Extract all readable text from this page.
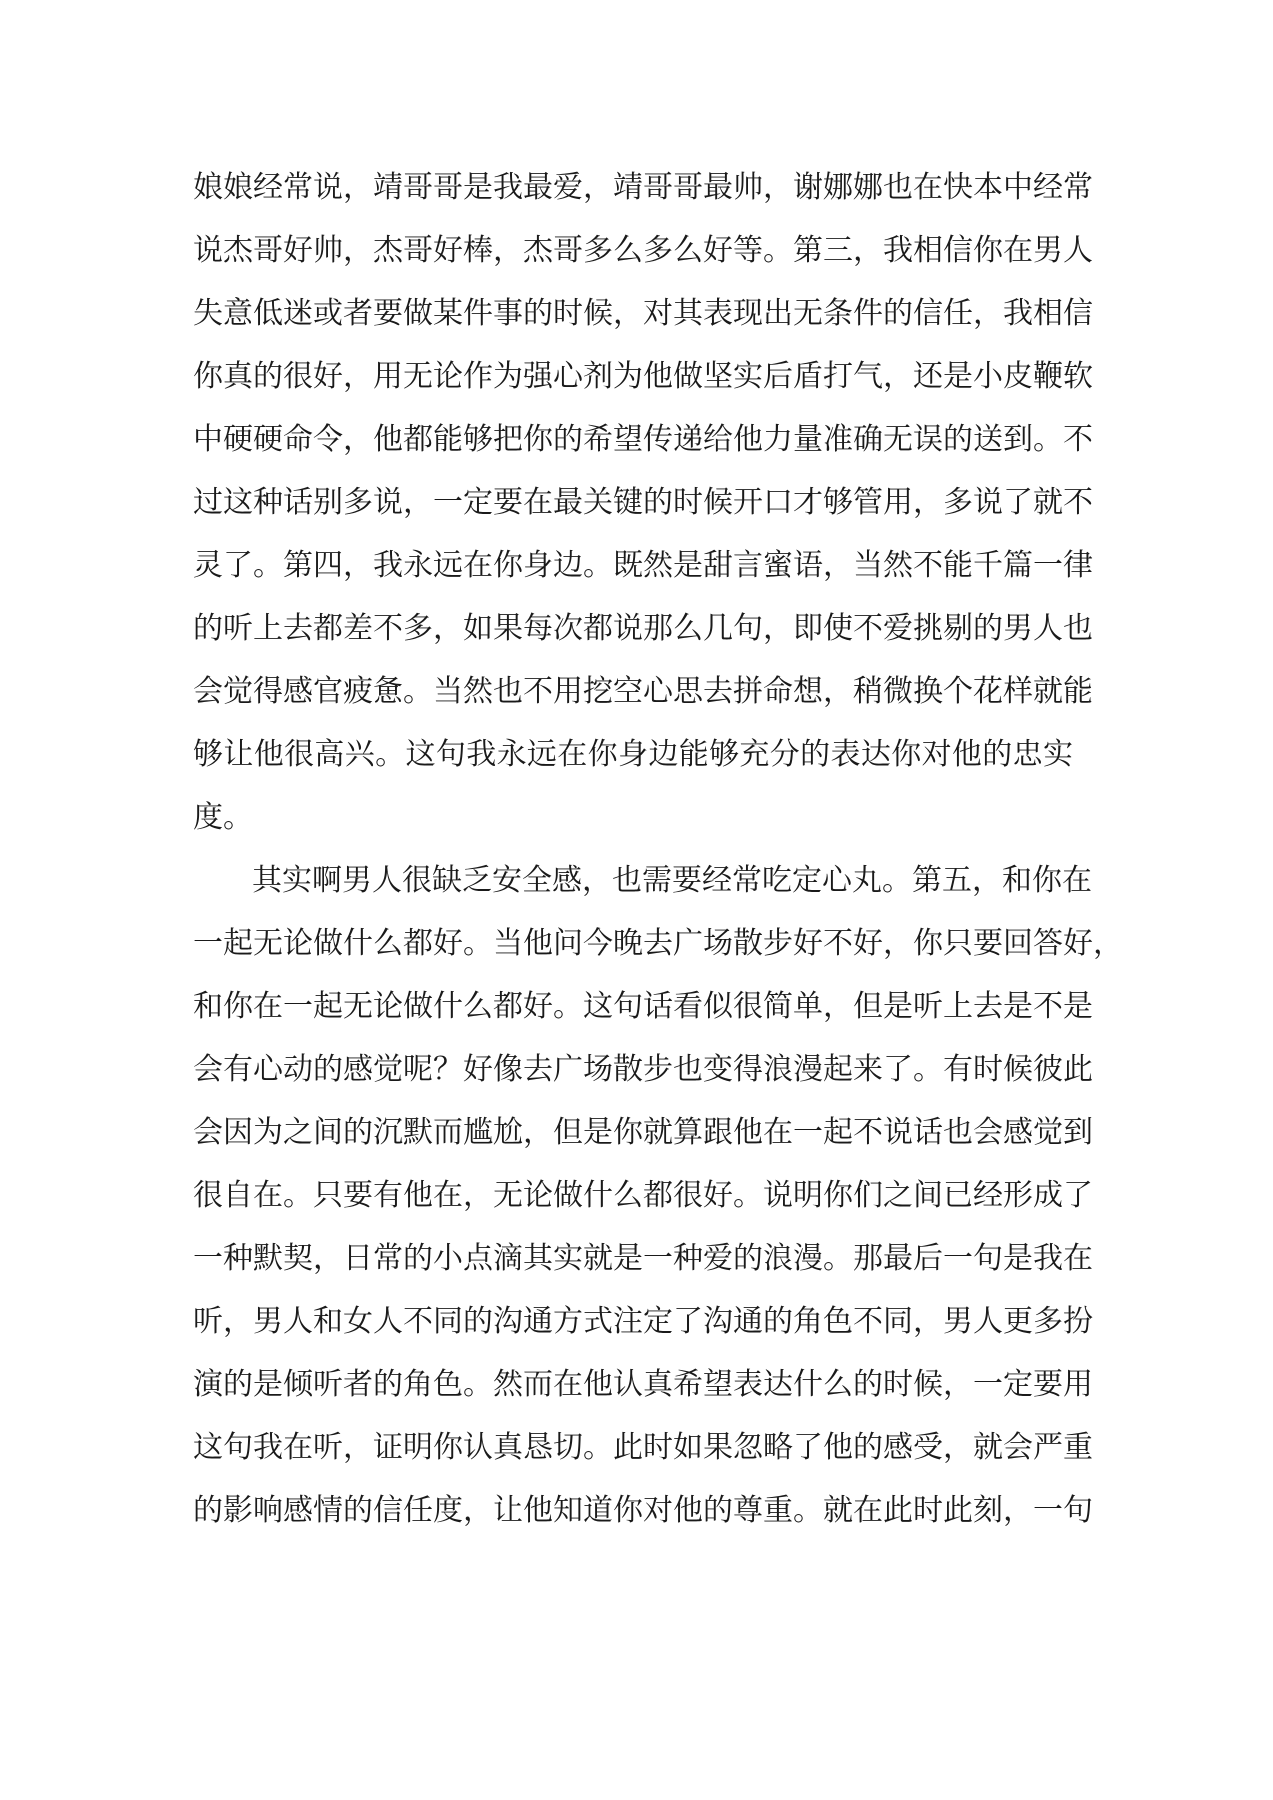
娘娘经常说，靖哥哥是我最爱，靖哥哥最帅，谢娜娜也在快本中经常
说杰哥好帅，杰哥好棒，杰哥多么多么好等。第三，我相信你在男人
失意低迷或者要做某件事的时候，对其表现出无条件的信任，我相信
你真的很好，用无论作为强心剂为他做坚实后盾打气，还是小皮鞭软
中硬硬命令，他都能够把你的希望传递给他力量准确无误的送到。不
过这种话别多说，一定要在最关键的时候开口才够管用，多说了就不
灵了。第四，我永远在你身边。既然是甜言蜜语，当然不能千篇一律
的听上去都差不多，如果每次都说那么几句，即使不爱挑剔的男人也
会觉得感官疲惫。当然也不用挖空心思去拼命想，稍微换个花样就能
够让他很高兴。这句我永远在你身边能够充分的表达你对他的忠实
度。
其实啊男人很缺乏安全感，也需要经常吃定心丸。第五，和你在
一起无论做什么都好。当他问今晚去广场散步好不好，你只要回答好，
和你在一起无论做什么都好。这句话看似很简单，但是听上去是不是
会有心动的感觉呢？好像去广场散步也变得浪漫起来了。有时候彼此
会因为之间的沉默而尴尬，但是你就算跟他在一起不说话也会感觉到
很自在。只要有他在，无论做什么都很好。说明你们之间已经形成了
一种默契，日常的小点滴其实就是一种爱的浪漫。那最后一句是我在
听，男人和女人不同的沟通方式注定了沟通的角色不同，男人更多扮
演的是倾听者的角色。然而在他认真希望表达什么的时候，一定要用
这句我在听，证明你认真恳切。此时如果忽略了他的感受，就会严重
的影响感情的信任度，让他知道你对他的尊重。就在此时此刻，一句
